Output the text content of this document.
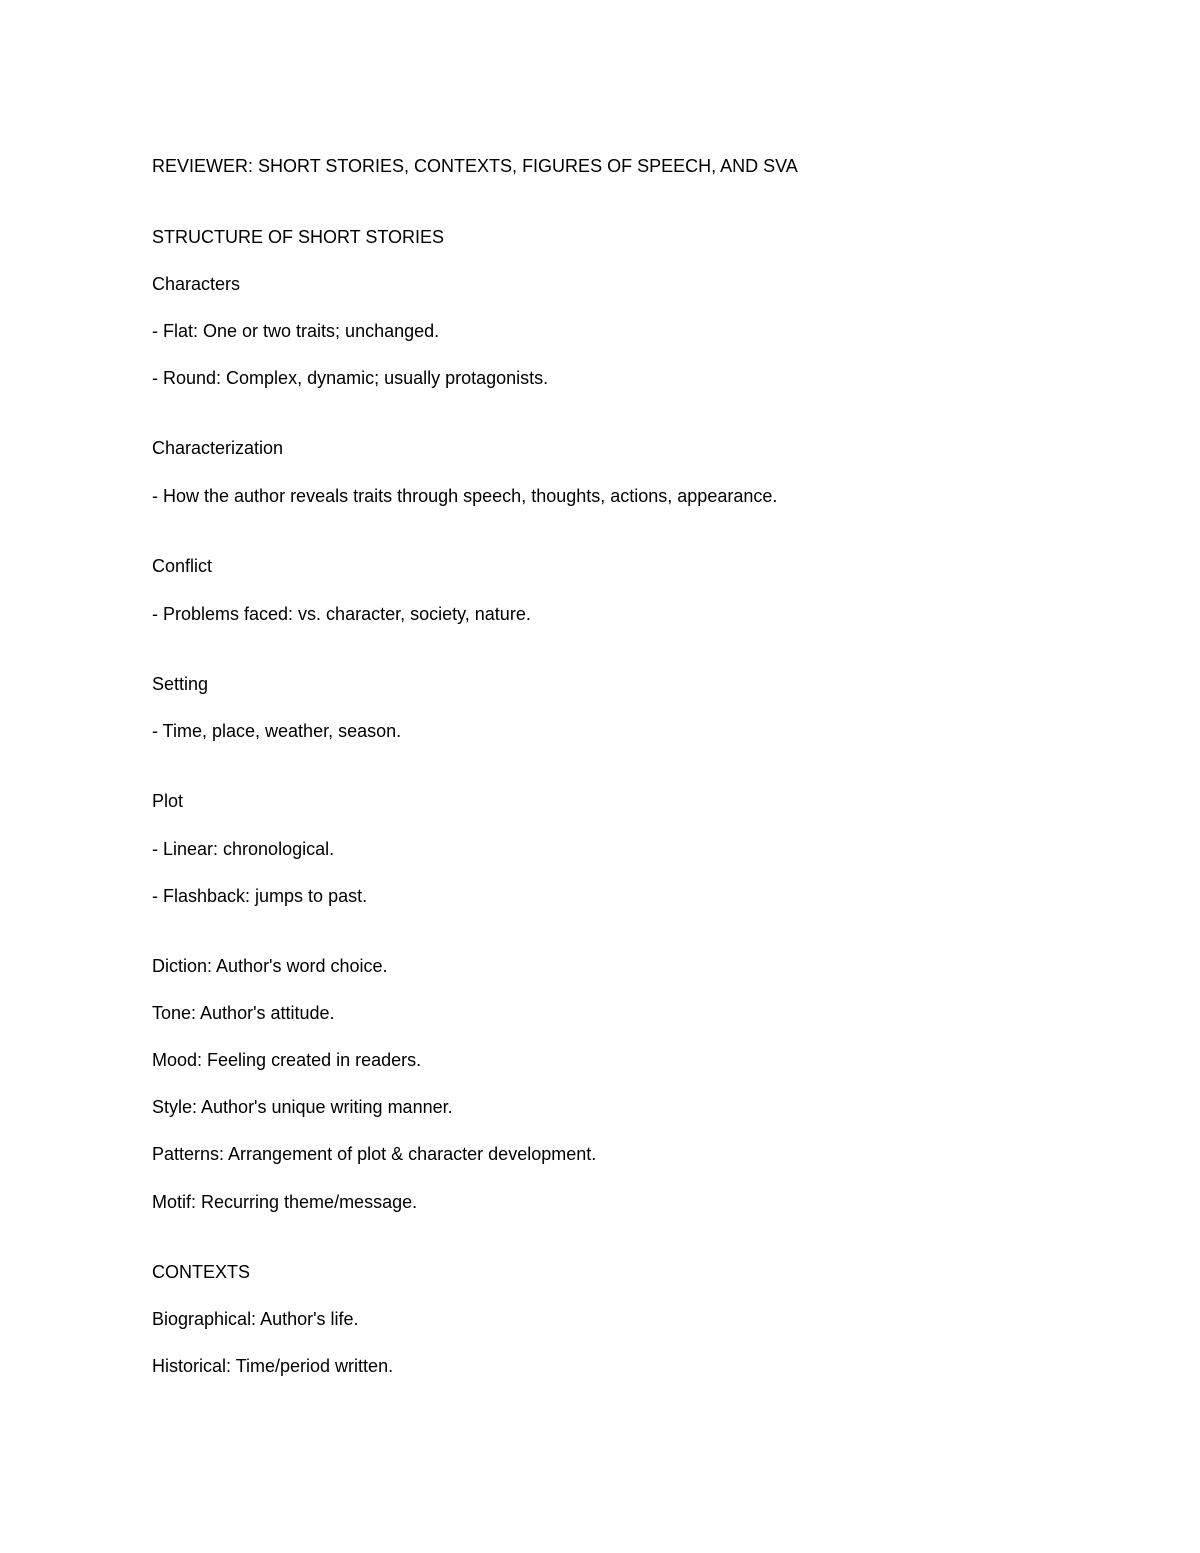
REVIEWER: SHORT STORIES, CONTEXTS, FIGURES OF SPEECH, AND SVA
STRUCTURE OF SHORT STORIES
Characters
- Flat: One or two traits; unchanged.
- Round: Complex, dynamic; usually protagonists.
Characterization
- How the author reveals traits through speech, thoughts, actions, appearance.
Conflict
- Problems faced: vs. character, society, nature.
Setting
- Time, place, weather, season.
Plot
- Linear: chronological.
- Flashback: jumps to past.
Diction: Author's word choice.
Tone: Author's attitude.
Mood: Feeling created in readers.
Style: Author's unique writing manner.
Patterns: Arrangement of plot & character development.
Motif: Recurring theme/message.
CONTEXTS
Biographical: Author's life.
Historical: Time/period written.
